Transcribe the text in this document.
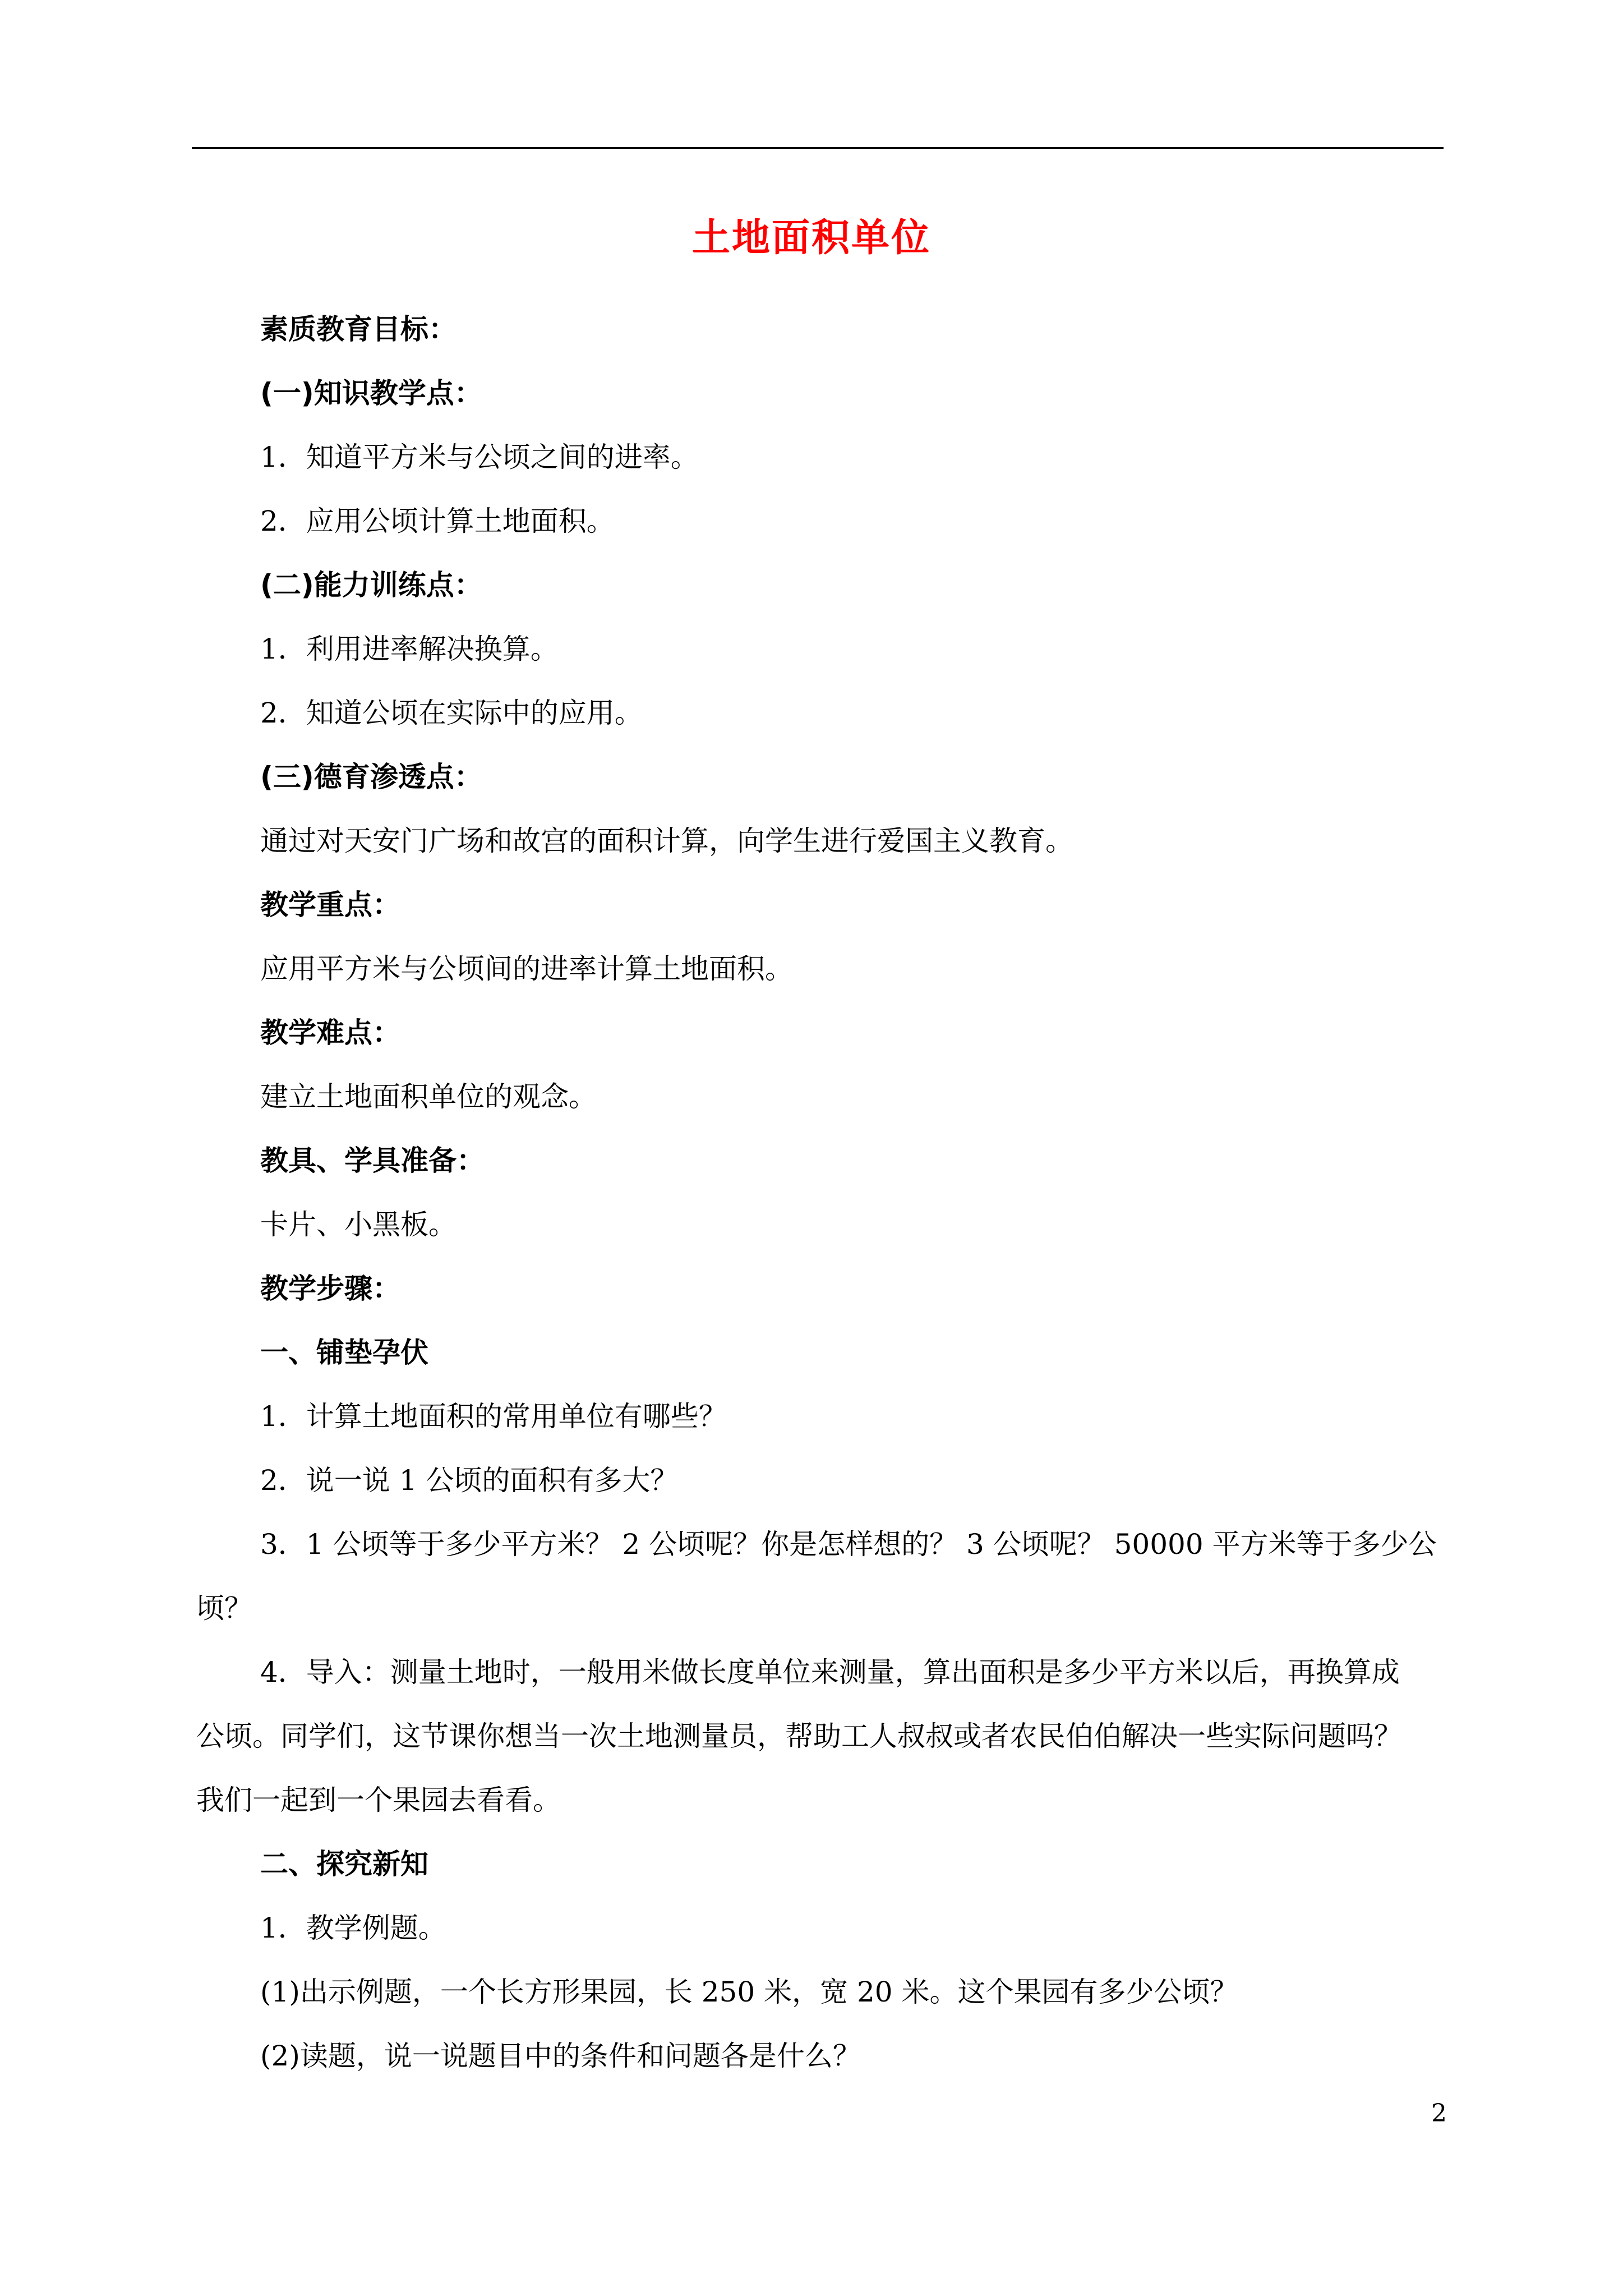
土地面积单位

素质教育目标：

(一)知识教学点：

1．知道平方米与公顷之间的进率。

2．应用公顷计算土地面积。

(二)能力训练点：

1．利用进率解决换算。

2．知道公顷在实际中的应用。

(三)德育渗透点：

通过对天安门广场和故宫的面积计算，向学生进行爱国主义教育。

教学重点：

应用平方米与公顷间的进率计算土地面积。

教学难点：

建立土地面积单位的观念。

教具、学具准备：

卡片、小黑板。

教学步骤：

一、铺垫孕伏

1．计算土地面积的常用单位有哪些？

2．说一说 1 公顷的面积有多大？

3．1 公顷等于多少平方米？ 2 公顷呢？你是怎样想的？ 3 公顷呢？ 50000 平方米等于多少公
顷？
4．导入：测量土地时，一般用米做长度单位来测量，算出面积是多少平方米以后，再换算成
公顷。同学们，这节课你想当一次土地测量员，帮助工人叔叔或者农民伯伯解决一些实际问题吗？
我们一起到一个果园去看看。

二、探究新知

1．教学例题。

(1)出示例题，一个长方形果园，长 250 米，宽 20 米。这个果园有多少公顷？

(2)读题，说一说题目中的条件和问题各是什么？

2
